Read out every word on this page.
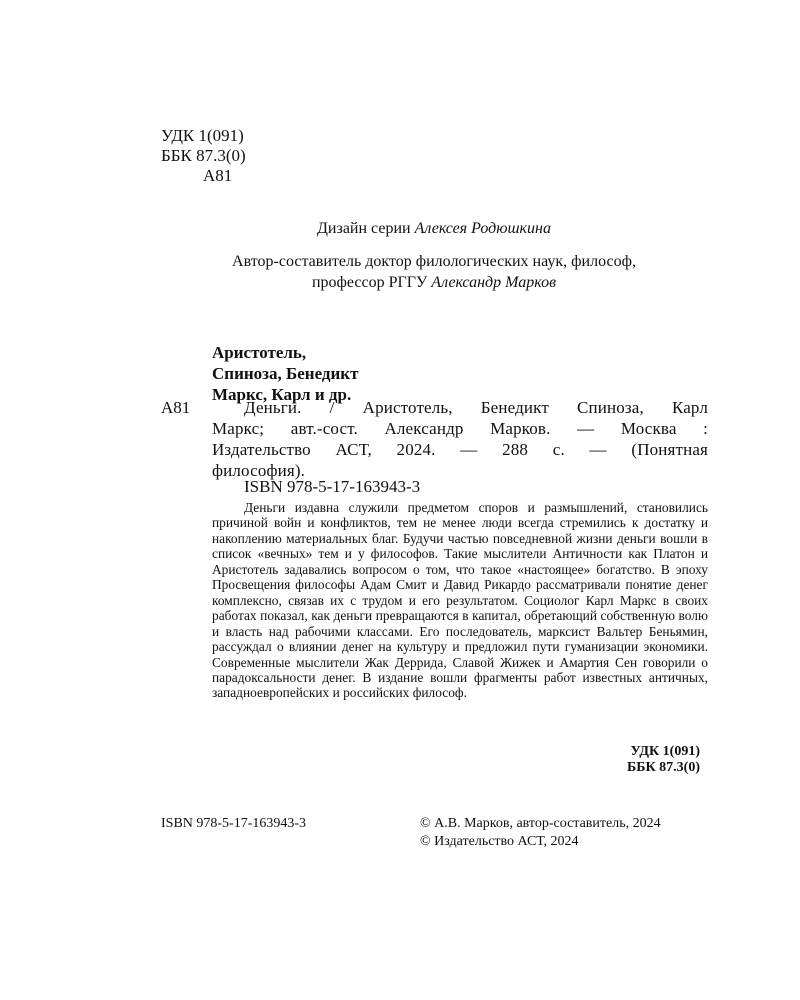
УДК 1(091)
ББК 87.3(0)
А81
Дизайн серии Алексея Родюшкина
Автор-составитель доктор филологических наук, философ,
профессор РГГУ Александр Марков
Аристотель,
Спиноза, Бенедикт
Маркс, Карл и др.
А81	Деньги. / Аристотель, Бенедикт Спиноза, Карл
Маркс; авт.-сост. Александр Марков. — Москва :
Издательство АСТ, 2024. — 288 с. — (Понятная
философия).
ISBN 978-5-17-163943-3
Деньги издавна служили предметом споров и размышлений, становились причиной войн и конфликтов, тем не менее люди всегда стремились к достатку и накоплению материальных благ. Будучи частью повседневной жизни деньги вошли в список «вечных» тем и у философов. Такие мыслители Античности как Платон и Аристотель задавались вопросом о том, что такое «настоящее» богатство. В эпоху Просвещения философы Адам Смит и Давид Рикардо рассматривали понятие денег комплексно, связав их с трудом и его результатом. Социолог Карл Маркс в своих работах показал, как деньги превращаются в капитал, обретающий собственную волю и власть над рабочими классами. Его последователь, марксист Вальтер Беньямин, рассуждал о влиянии денег на культуру и предложил пути гуманизации экономики. Современные мыслители Жак Деррида, Славой Жижек и Амартия Сен говорили о парадоксальности денег. В издание вошли фрагменты работ известных античных, западноевропейских и российских философ.
УДК 1(091)
ББК 87.3(0)
ISBN 978-5-17-163943-3	© А.В. Марков, автор-составитель, 2024
© Издательство АСТ, 2024
